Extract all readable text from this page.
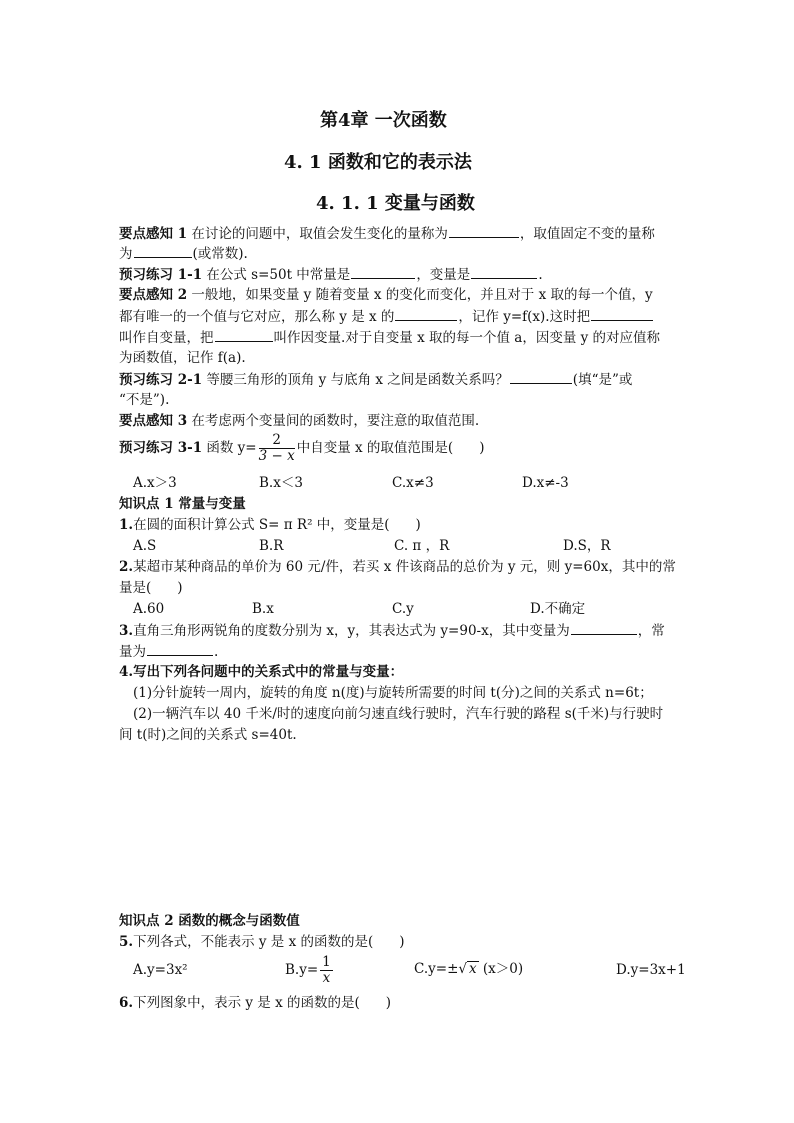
第4章 一次函数
4. 1 函数和它的表示法
4. 1. 1 变量与函数
要点感知 1 在讨论的问题中，取值会发生变化的量称为	，取值固定不变的量称
为	(或常数).
预习练习 1-1 在公式 s=50t 中常量是	，变量是	.
要点感知 2 一般地，如果变量 y 随着变量 x 的变化而变化，并且对于 x 取的每一个值，y
都有唯一的一个值与它对应，那么称 y 是 x 的	，记作 y=f(x).这时把
叫作自变量，把	叫作因变量.对于自变量 x 取的每一个值 a，因变量 y 的对应值称
为函数值，记作 f(a).
预习练习 2-1 等腰三角形的顶角 y 与底角 x 之间是函数关系吗？	(填“是”或
“不是”).
要点感知 3 在考虑两个变量间的函数时，要注意的取值范围.
预习练习 3-1 函数 $y= \frac{2}{3 - x}$ 中自变量 x 的取值范围是( )
A.x＞3	B.x＜3	C.x≠3	D.x≠-3
知识点 1 常量与变量
1.在圆的面积计算公式 S= π R² 中，变量是( )
A.S	B.R	C. π ，R	D.S，R
2.某超市某种商品的单价为 60 元/件，若买 x 件该商品的总价为 y 元，则 y=60x，其中的常
量是( )
A.60	B.x	C.y	D.不确定
3.直角三角形两锐角的度数分别为 x，y，其表达式为 y=90-x，其中变量为	，常
量为	.
4.写出下列各问题中的关系式中的常量与变量：
(1)分针旋转一周内，旋转的角度 n(度)与旋转所需要的时间 t(分)之间的关系式 n=6t；
(2)一辆汽车以 40 千米/时的速度向前匀速直线行驶时，汽车行驶的路程 s(千米)与行驶时
间 t(时)之间的关系式 s=40t.
知识点 2 函数的概念与函数值
5.下列各式，不能表示 y 是 x 的函数的是( )
A.y=3x²	$B.y= \frac{1}{x}$	C.y=±√ x (x＞0)	D.y=3x+1
6.下列图象中，表示 y 是 x 的函数的是( )
